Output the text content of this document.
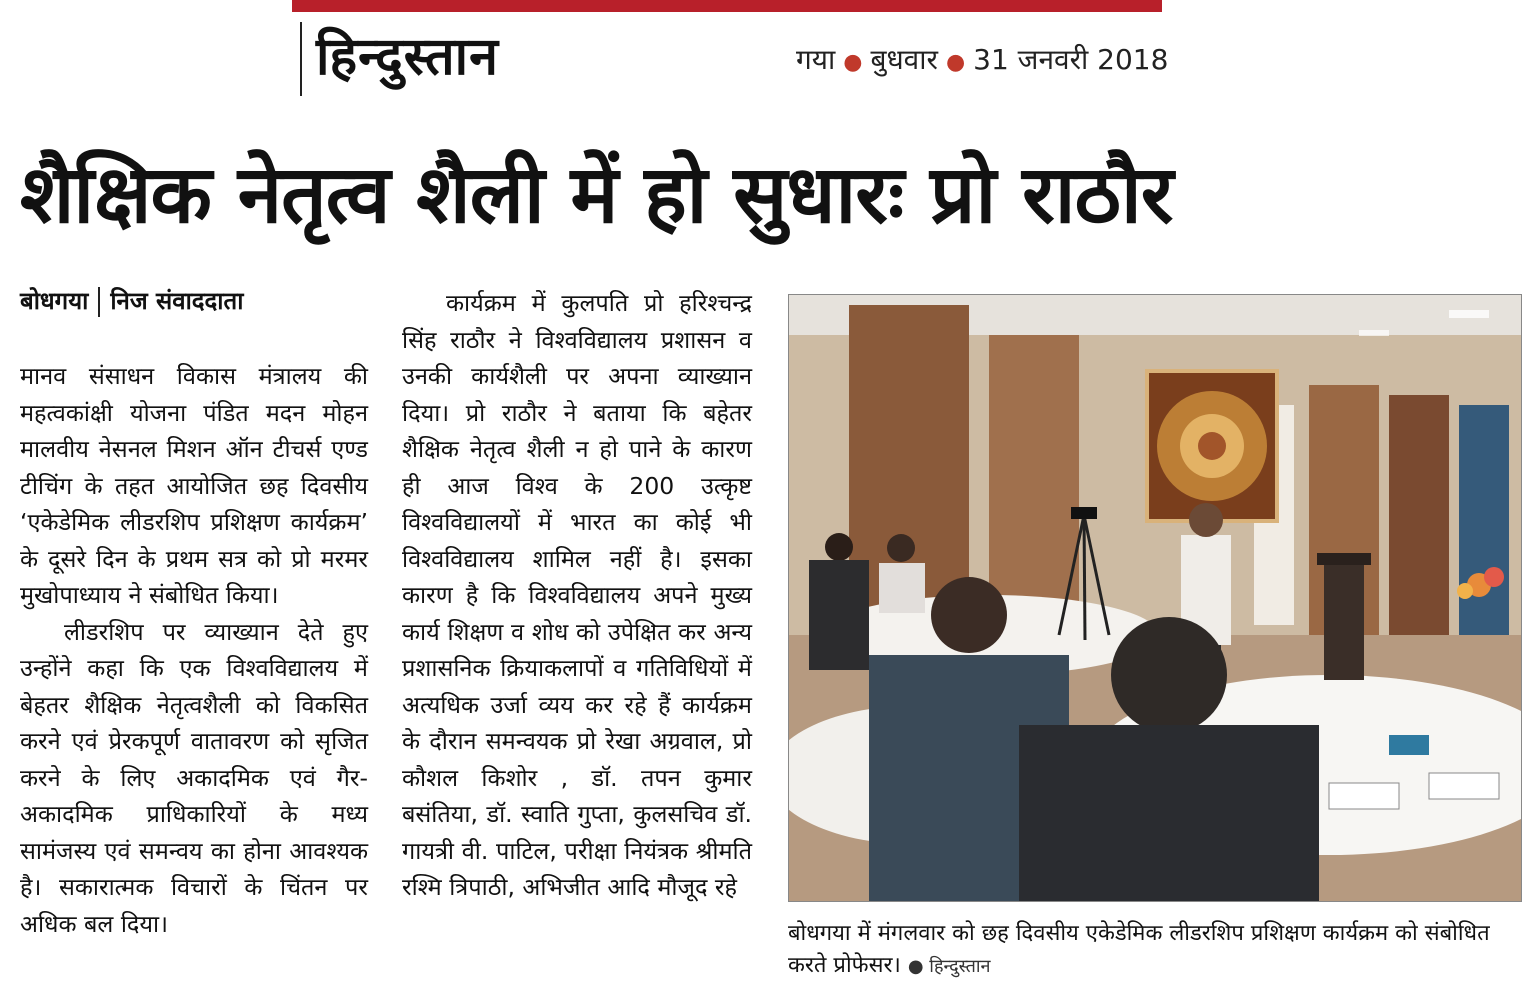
हिन्दुस्तान	गया ● बुधवार ● 31 जनवरी 2018
शैक्षिक नेतृत्व शैली में हो सुधारः प्रो राठौर
बोधगया निज संवाददाता

मानव संसाधन विकास मंत्रालय की महत्वकांक्षी योजना पंडित मदन मोहन मालवीय नेसनल मिशन ऑन टीचर्स एण्ड टीचिंग के तहत आयोजित छह दिवसीय ‘एकेडेमिक लीडरशिप प्रशिक्षण कार्यक्रम’ के दूसरे दिन के प्रथम सत्र को प्रो मरमर मुखोपाध्याय ने संबोधित किया।

लीडरशिप पर व्याख्यान देते हुए उन्होंने कहा कि एक विश्वविद्यालय में बेहतर शैक्षिक नेतृत्वशैली को विकसित करने एवं प्रेरकपूर्ण वातावरण को सृजित करने के लिए अकादमिक एवं गैर-अकादमिक प्राधिकारियों के मध्य सामंजस्य एवं समन्वय का होना आवश्यक है। सकारात्मक विचारों के चिंतन पर अधिक बल दिया।

कार्यक्रम में कुलपति प्रो हरिश्चन्द्र सिंह राठौर ने विश्वविद्यालय प्रशासन व उनकी कार्यशैली पर अपना व्याख्यान दिया। प्रो राठौर ने बताया कि बहेतर शैक्षिक नेतृत्व शैली न हो पाने के कारण ही आज विश्व के 200 उत्कृष्ट विश्वविद्यालयों में भारत का कोई भी विश्वविद्यालय शामिल नहीं है। इसका कारण है कि विश्वविद्यालय अपने मुख्य कार्य शिक्षण व शोध को उपेक्षित कर अन्य प्रशासनिक क्रियाकलापों व गतिविधियों में अत्यधिक उर्जा व्यय कर रहे हैं कार्यक्रम के दौरान समन्वयक प्रो रेखा अग्रवाल, प्रो कौशल किशोर , डॉ. तपन कुमार बसंतिया, डॉ. स्वाति गुप्ता, कुलसचिव डॉ. गायत्री वी. पाटिल, परीक्षा नियंत्रक श्रीमति रश्मि त्रिपाठी, अभिजीत आदि मौजूद रहे

बोधगया में मंगलवार को छह दिवसीय एकेडेमिक लीडरशिप प्रशिक्षण कार्यक्रम को संबोधित करते प्रोफेसर। ● हिन्दुस्तान
